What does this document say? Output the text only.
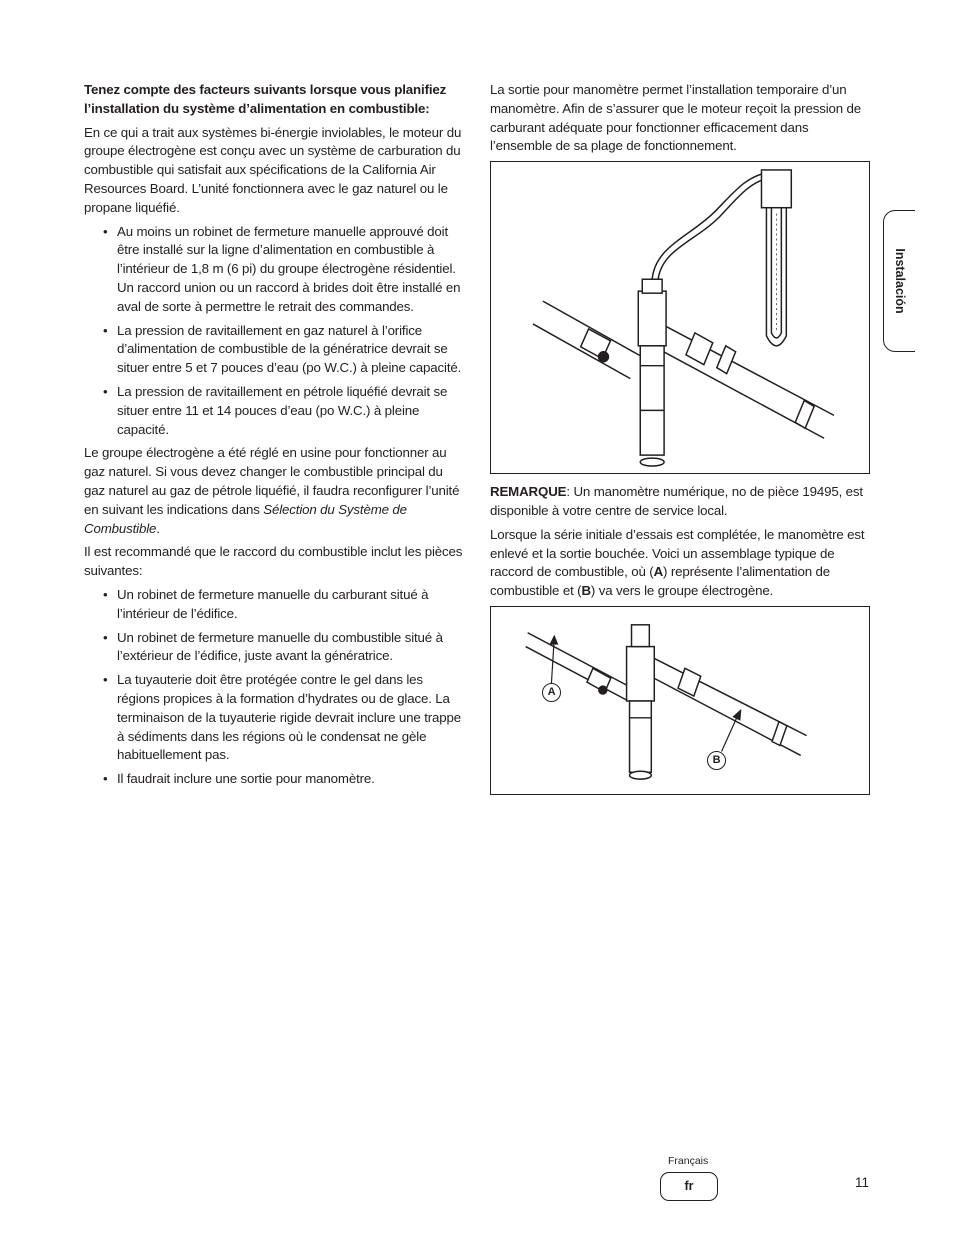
Tenez compte des facteurs suivants lorsque vous planifiez l’installation du système d’alimentation en combustible:

En ce qui a trait aux systèmes bi-énergie inviolables, le moteur du groupe électrogène est conçu avec un système de carburation du combustible qui satisfait aux spécifications de la California Air Resources Board. L’unité fonctionnera avec le gaz naturel ou le propane liquéfié.

• Au moins un robinet de fermeture manuelle approuvé doit être installé sur la ligne d’alimentation en combustible à l’intérieur de 1,8 m (6 pi) du groupe électrogène résidentiel. Un raccord union ou un raccord à brides doit être installé en aval de sorte à permettre le retrait des commandes.
• La pression de ravitaillement en gaz naturel à l’orifice d’alimentation de combustible de la génératrice devrait se situer entre 5 et 7 pouces d’eau (po W.C.) à pleine capacité.
• La pression de ravitaillement en pétrole liquéfié devrait se situer entre 11 et 14 pouces d’eau (po W.C.) à pleine capacité.

Le groupe électrogène a été réglé en usine pour fonctionner au gaz naturel. Si vous devez changer le combustible principal du gaz naturel au gaz de pétrole liquéfié, il faudra reconfigurer l’unité en suivant les indications dans Sélection du Système de Combustible.

Il est recommandé que le raccord du combustible inclut les pièces suivantes:

• Un robinet de fermeture manuelle du carburant situé à l’intérieur de l’édifice.
• Un robinet de fermeture manuelle du combustible situé à l’extérieur de l’édifice, juste avant la génératrice.
• La tuyauterie doit être protégée contre le gel dans les régions propices à la formation d’hydrates ou de glace. La terminaison de la tuyauterie rigide devrait inclure une trappe à sédiments dans les régions où le condensat ne gèle habituellement pas.
• Il faudrait inclure une sortie pour manomètre.

La sortie pour manomètre permet l’installation temporaire d’un manomètre. Afin de s’assurer que le moteur reçoit la pression de carburant adéquate pour fonctionner efficacement dans l’ensemble de sa plage de fonctionnement.

REMARQUE: Un manomètre numérique, no de pièce 19495, est disponible à votre centre de service local.

Lorsque la série initiale d’essais est complétée, le manomètre est enlevé et la sortie bouchée. Voici un assemblage typique de raccord de combustible, où (A) représente l’alimentation de combustible et (B) va vers le groupe électrogène.

A
B
Instalación
Français
fr	11
